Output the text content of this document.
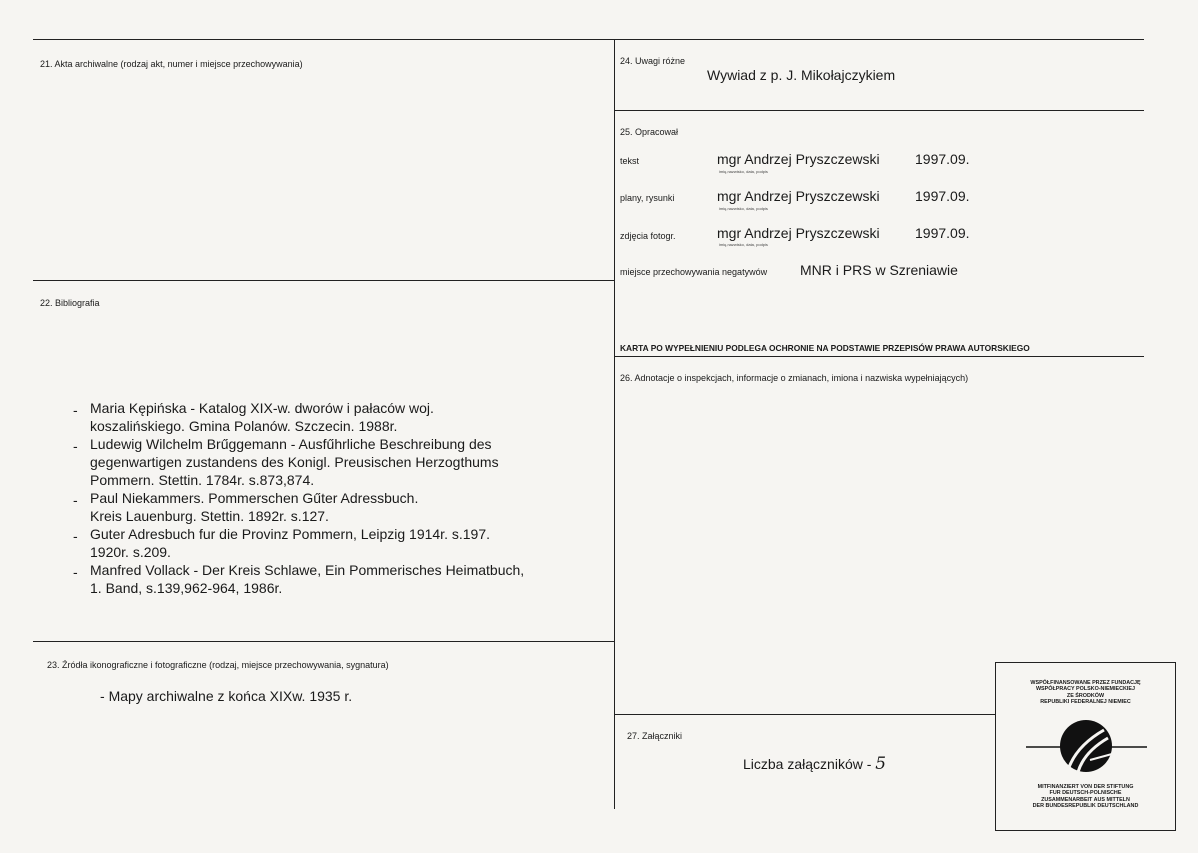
21. Akta archiwalne (rodzaj akt, numer i miejsce przechowywania)
22. Bibliografia
- Maria Kępińska - Katalog XIX-w. dworów i pałaców woj.
koszalińskiego. Gmina Polanów. Szczecin. 1988r.
- Ludewig Wilchelm Brűggemann - Ausfűhrliche Beschreibung des
gegenwartigen zustandens des Konigl. Preusischen Herzogthums
Pommern. Stettin. 1784r. s.873,874.
- Paul Niekammers. Pommerschen Gűter Adressbuch.
Kreis Lauenburg. Stettin. 1892r. s.127.
- Guter Adresbuch fur die Provinz Pommern, Leipzig 1914r. s.197.
1920r. s.209.
- Manfred Vollack - Der Kreis Schlawe, Ein Pommerisches Heimatbuch,
1. Band, s.139,962-964, 1986r.
23. Źródła ikonograficzne i fotograficzne (rodzaj, miejsce przechowywania, sygnatura)
- Mapy archiwalne z końca XIXw. 1935 r.
24. Uwagi różne
Wywiad z p. J. Mikołajczykiem
25. Opracował
tekst	mgr Andrzej Pryszczewski	1997.09.
imię,nazwisko, data, podpis
plany, rysunki	mgr Andrzej Pryszczewski	1997.09.
imię,nazwisko, data, podpis
zdjęcia fotogr.	mgr Andrzej Pryszczewski	1997.09.
imię,nazwisko, data, podpis
miejsce przechowywania negatywów MNR i PRS w Szreniawie
KARTA PO WYPEŁNIENIU PODLEGA OCHRONIE NA PODSTAWIE PRZEPISÓW PRAWA AUTORSKIEGO
26. Adnotacje o inspekcjach, informacje o zmianach, imiona i nazwiska wypełniających)
27. Załączniki
Liczba załączników - 5
WSPÓŁFINANSOWANE PRZEZ FUNDACJĘ
WSPÓŁPRACY POLSKO-NIEMIECKIEJ
ZE ŚRODKÓW
REPUBLIKI FEDERALNEJ NIEMIEC
MITFINANZIERT VON DER STIFTUNG
FUR DEUTSCH-POLNISCHE
ZUSAMMENARBEIT AUS MITTELN
DER BUNDESREPUBLIK DEUTSCHLAND
